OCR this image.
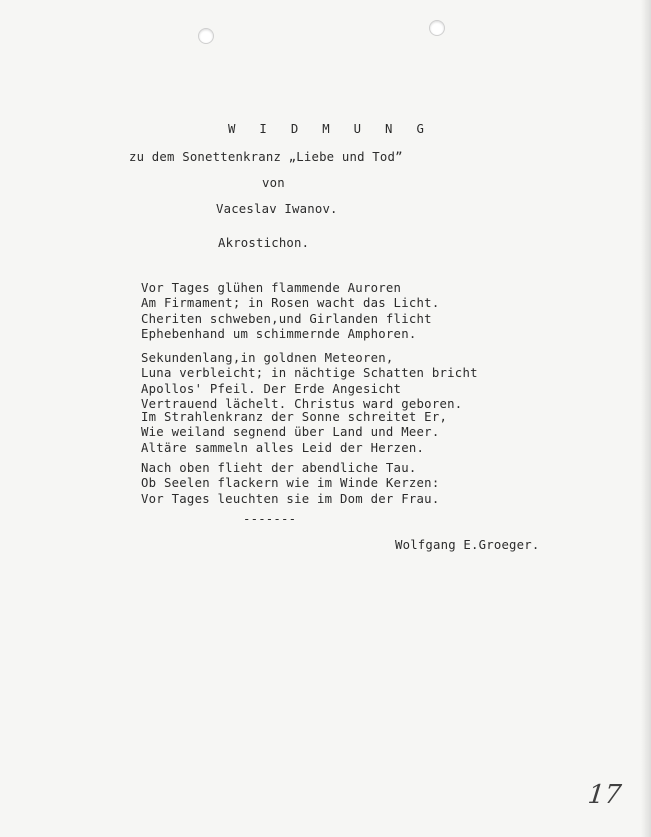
W I D M U N G
zu dem Sonettenkranz „Liebe und Tod”
von
Vaceslav Iwanov.
Akrostichon.
Vor Tages glühen flammende Auroren
Am Firmament; in Rosen wacht das Licht.
Cheriten schweben,und Girlanden flicht
Ephebenhand um schimmernde Amphoren.
Sekundenlang,in goldnen Meteoren,
Luna verbleicht; in nächtige Schatten bricht
Apollos' Pfeil. Der Erde Angesicht
Vertrauend lächelt. Christus ward geboren.
Im Strahlenkranz der Sonne schreitet Er,
Wie weiland segnend über Land und Meer.
Altäre sammeln alles Leid der Herzen.
Nach oben flieht der abendliche Tau.
Ob Seelen flackern wie im Winde Kerzen:
Vor Tages leuchten sie im Dom der Frau.
-------
Wolfgang E.Groeger.
17
